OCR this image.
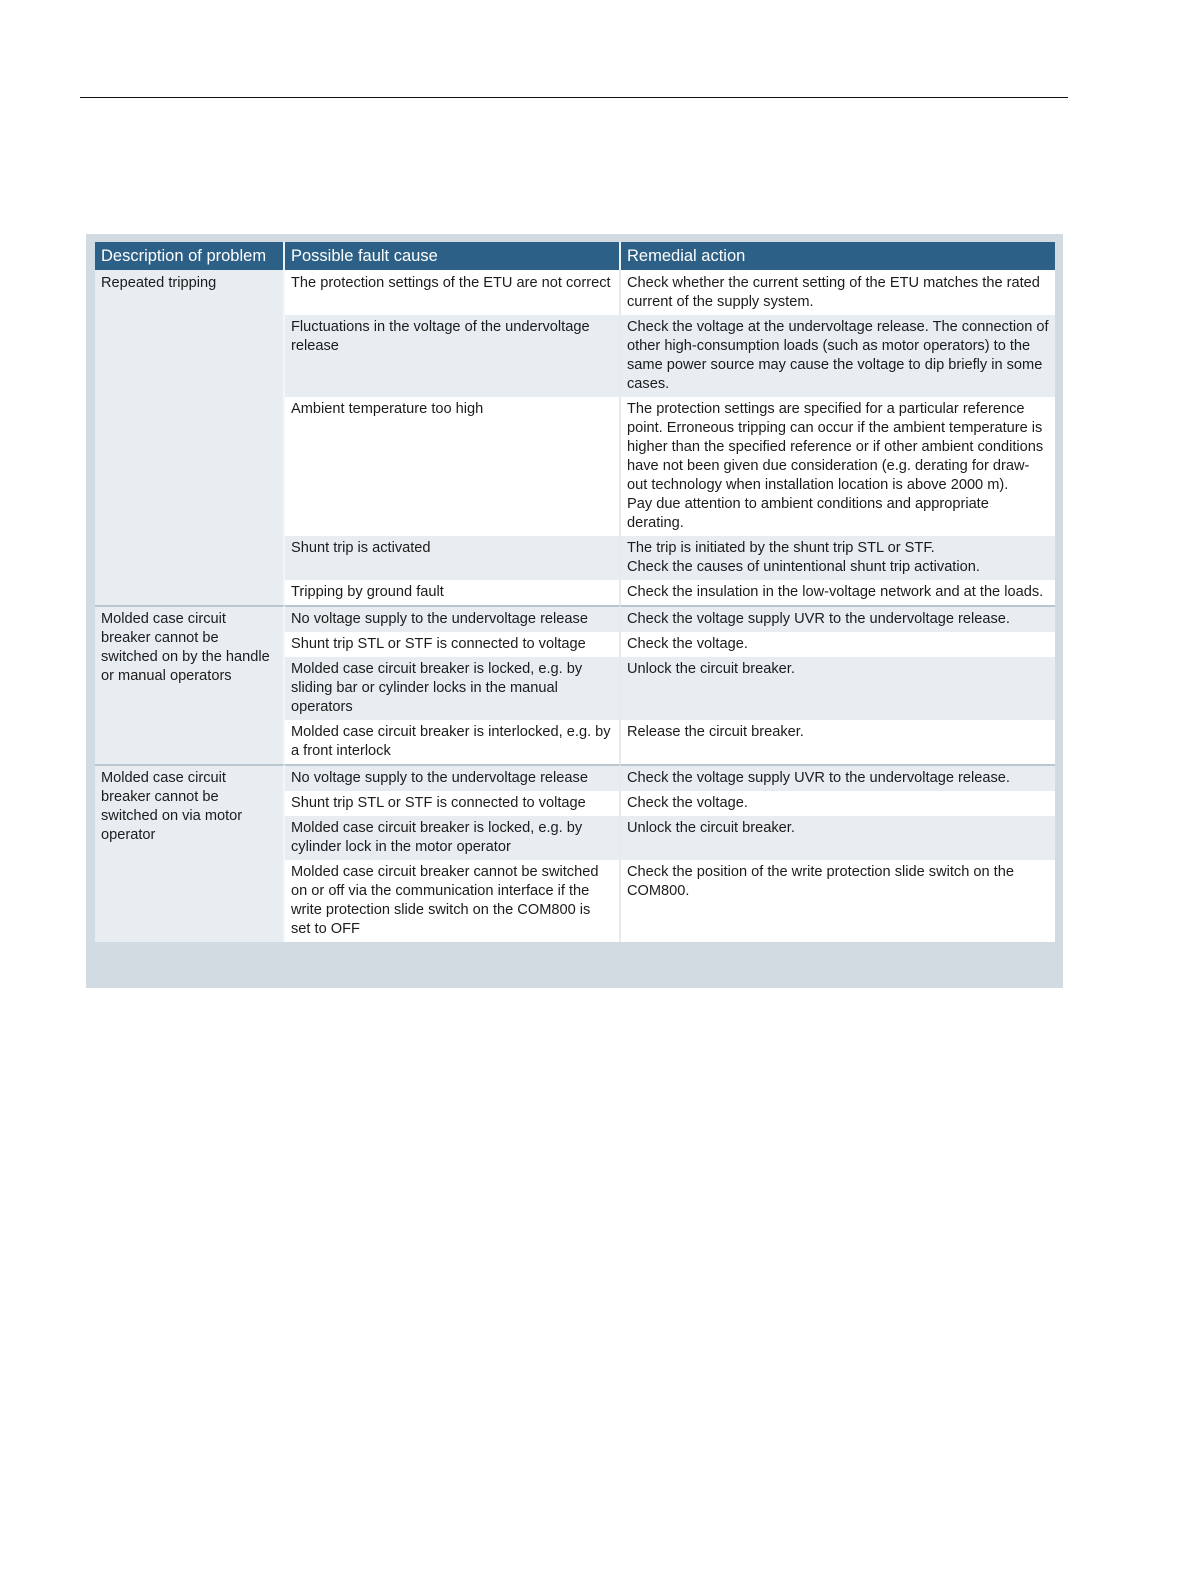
Description of problem	Possible fault cause	Remedial action
Repeated tripping	The protection settings of the ETU are not correct	Check whether the current setting of the ETU matches the rated current of the supply system.
	Fluctuations in the voltage of the undervoltage release	Check the voltage at the undervoltage release. The connection of other high-consumption loads (such as motor operators) to the same power source may cause the voltage to dip briefly in some cases.
	Ambient temperature too high	The protection settings are specified for a particular reference point. Erroneous tripping can occur if the ambient temperature is higher than the specified reference or if other ambient conditions have not been given due consideration (e.g. derating for draw-out technology when installation location is above 2000 m).
Pay due attention to ambient conditions and appropriate derating.
	Shunt trip is activated	The trip is initiated by the shunt trip STL or STF.
Check the causes of unintentional shunt trip activation.
	Tripping by ground fault	Check the insulation in the low-voltage network and at the loads.
Molded case circuit breaker cannot be switched on by the handle or manual operators	No voltage supply to the undervoltage release	Check the voltage supply UVR to the undervoltage release.
	Shunt trip STL or STF is connected to voltage	Check the voltage.
	Molded case circuit breaker is locked, e.g. by sliding bar or cylinder locks in the manual operators	Unlock the circuit breaker.
	Molded case circuit breaker is interlocked, e.g. by a front interlock	Release the circuit breaker.
Molded case circuit breaker cannot be switched on via motor operator	No voltage supply to the undervoltage release	Check the voltage supply UVR to the undervoltage release.
	Shunt trip STL or STF is connected to voltage	Check the voltage.
	Molded case circuit breaker is locked, e.g. by cylinder lock in the motor operator	Unlock the circuit breaker.
	Molded case circuit breaker cannot be switched on or off via the communication interface if the write protection slide switch on the COM800 is set to OFF	Check the position of the write protection slide switch on the COM800.
